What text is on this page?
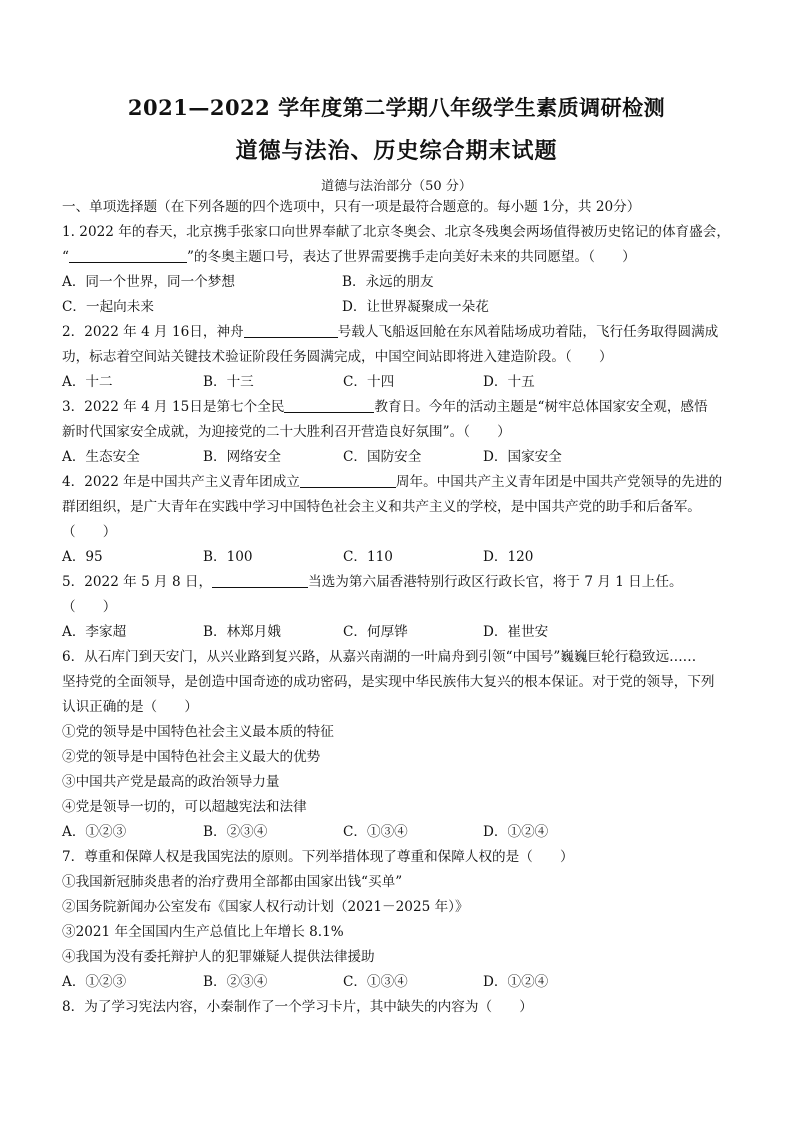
2021—2022 学年度第二学期八年级学生素质调研检测
道德与法治、历史综合期末试题
道德与法治部分（50 分）
一、单项选择题（在下列各题的四个选项中，只有一项是最符合题意的。每小题 1分，共 20分）
1. 2022 年的春天，北京携手张家口向世界奉献了北京冬奥会、北京冬残奥会两场值得被历史铭记的体育盛会，
“	”的冬奥主题口号，表达了世界需要携手走向美好未来的共同愿望。（　　）
A．同一个世界，同一个梦想	B．永远的朋友
C．一起向未来	D．让世界凝聚成一朵花
2．2022 年 4 月 16日，神舟	号载人飞船返回舱在东风着陆场成功着陆，飞行任务取得圆满成
功，标志着空间站关键技术验证阶段任务圆满完成，中国空间站即将进入建造阶段。（　　）
A．十二	B．十三	C．十四	D．十五
3．2022 年 4 月 15日是第七个全民	教育日。今年的活动主题是“树牢总体国家安全观，感悟
新时代国家安全成就，为迎接党的二十大胜利召开营造良好氛围”。（　　）
A．生态安全	B．网络安全	C．国防安全	D．国家安全
4．2022 年是中国共产主义青年团成立	周年。中国共产主义青年团是中国共产党领导的先进的
群团组织，是广大青年在实践中学习中国特色社会主义和共产主义的学校，是中国共产党的助手和后备军。
（　　）
A．95	B．100	C．110	D．120
5．2022 年 5 月 8 日，	当选为第六届香港特别行政区行政长官，将于 7 月 1 日上任。
（　　）
A．李家超	B．林郑月娥	C．何厚铧	D．崔世安
6．从石库门到天安门，从兴业路到复兴路，从嘉兴南湖的一叶扁舟到引领“中国号”巍巍巨轮行稳致远……
坚持党的全面领导，是创造中国奇迹的成功密码，是实现中华民族伟大复兴的根本保证。对于党的领导，下列
认识正确的是（　　）
①党的领导是中国特色社会主义最本质的特征
②党的领导是中国特色社会主义最大的优势
③中国共产党是最高的政治领导力量
④党是领导一切的，可以超越宪法和法律
A．①②③	B．②③④	C．①③④	D．①②④
7．尊重和保障人权是我国宪法的原则。下列举措体现了尊重和保障人权的是（　　）
①我国新冠肺炎患者的治疗费用全部都由国家出钱“买单”
②国务院新闻办公室发布《国家人权行动计划（2021－2025 年）》
③2021 年全国国内生产总值比上年增长 8.1%
④我国为没有委托辩护人的犯罪嫌疑人提供法律援助
A．①②③	B．②③④	C．①③④	D．①②④
8．为了学习宪法内容，小秦制作了一个学习卡片，其中缺失的内容为（　　）
